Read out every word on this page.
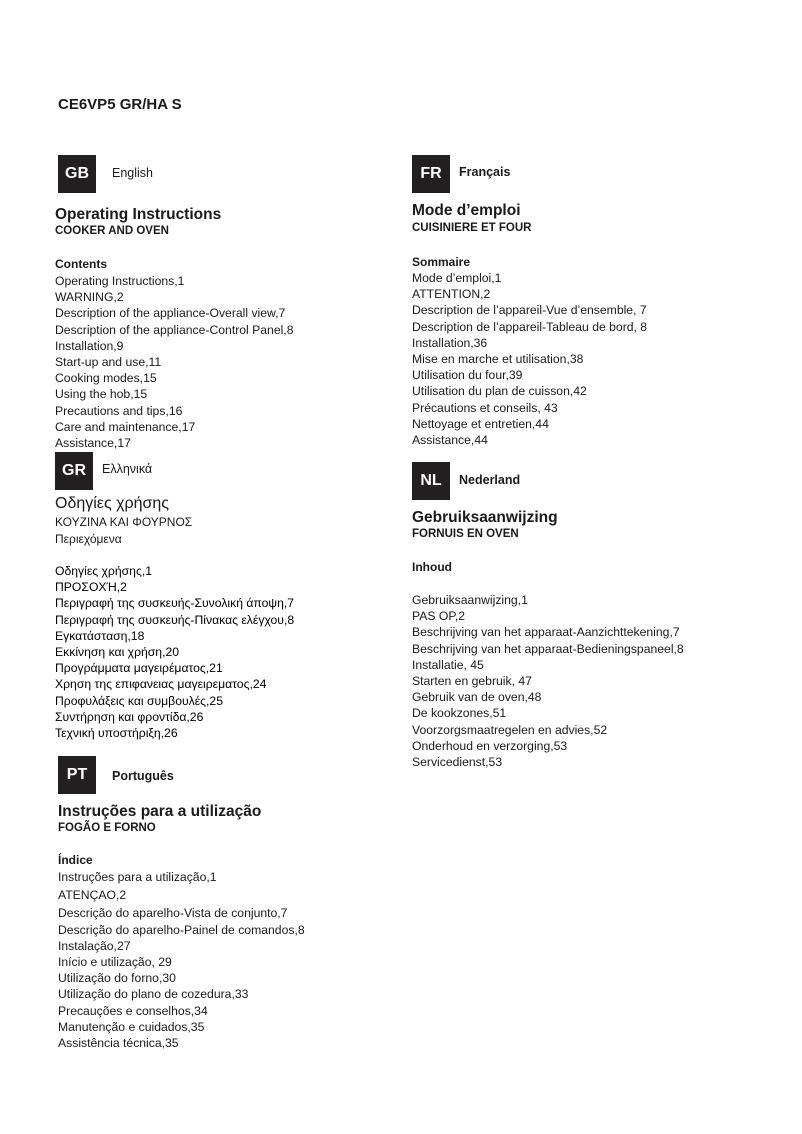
CE6VP5 GR/HA S
GB	English
Operating Instructions
COOKER AND OVEN
Contents
Operating Instructions,1
WARNING,2
Description of the appliance-Overall view,7
Description of the appliance-Control Panel,8
Installation,9
Start-up and use,11
Cooking modes,15
Using the hob,15
Precautions and tips,16
Care and maintenance,17
Assistance,17
GR	Ελληνικά
Οδηγίες χρήσης
ΚΟΥΖΙΝΑ ΚΑΙ ΦΟΥΡΝΟΣ
Περιεχόμενα
Οδηγίες χρήσης,1
ΠΡΟΣΟΧΉ,2
Περιγραφή της συσκευής-Συνολική άποψη,7
Περιγραφή της συσκευής-Πίνακας ελέγχου,8
Εγκατάσταση,18
Εκκίνηση και χρήση,20
Προγράμματα μαγειρέματος,21
Χρηση της επιφανειας μαγειρεματος,24
Προφυλάξεις και συμβουλές,25
Συντήρηση και φροντίδα,26
Τεχνική υποστήριξη,26
PT	Português
Instruções para a utilização
FOGÃO E FORNO
Índice
Instruções para a utilização,1
ATENÇAO,2
Descrição do aparelho-Vista de conjunto,7
Descrição do aparelho-Painel de comandos,8
Instalação,27
Início e utilização, 29
Utilização do forno,30
Utilização do plano de cozedura,33
Precauções e conselhos,34
Manutenção e cuidados,35
Assistência técnica,35
FR	Français
Mode d’emploi
CUISINIERE ET FOUR
Sommaire
Mode d’emploi,1
ATTENTION,2
Description de l’appareil-Vue d’ensemble, 7
Description de l’appareil-Tableau de bord, 8
Installation,36
Mise en marche et utilisation,38
Utilisation du four,39
Utilisation du plan de cuisson,42
Précautions et conseils, 43
Nettoyage et entretien,44
Assistance,44
NL	Nederland
Gebruiksaanwijzing
FORNUIS EN OVEN
Inhoud
Gebruiksaanwijzing,1
PAS OP,2
Beschrijving van het apparaat-Aanzichttekening,7
Beschrijving van het apparaat-Bedieningspaneel,8
Installatie, 45
Starten en gebruik, 47
Gebruik van de oven,48
De kookzones,51
Voorzorgsmaatregelen en advies,52
Onderhoud en verzorging,53
Servicedienst,53
